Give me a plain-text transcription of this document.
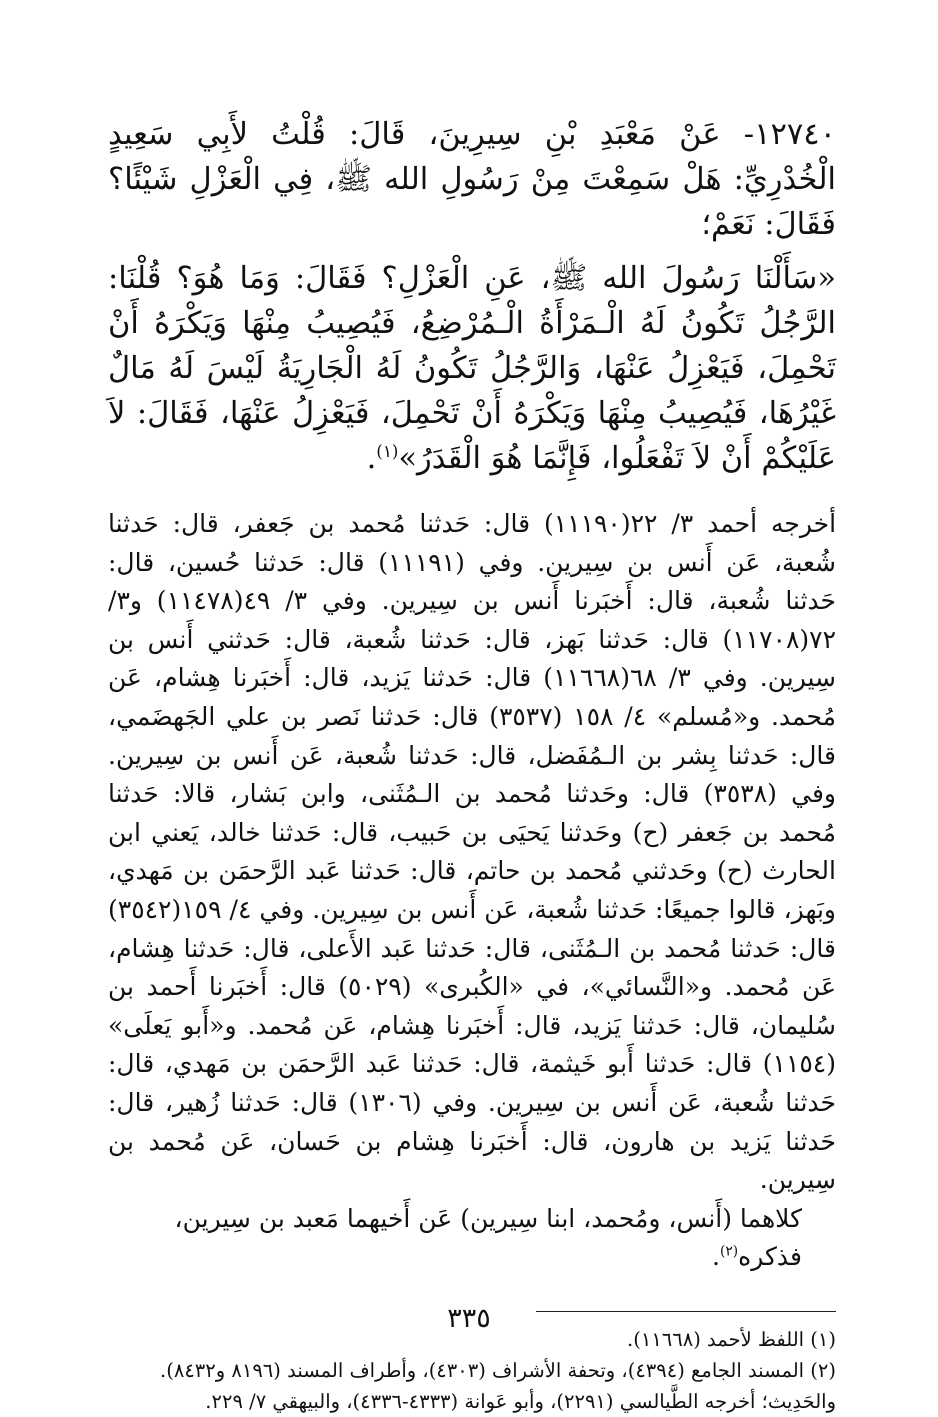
١٢٧٤٠- عَنْ مَعْبَدِ بْنِ سِيرِينَ، قَالَ: قُلْتُ لأَبِي سَعِيدٍ الْخُدْرِيِّ: هَلْ سَمِعْتَ مِنْ رَسُولِ الله ﷺ، فِي الْعَزْلِ شَيْئًا؟ فَقَالَ: نَعَمْ؛

«سَأَلْنَا رَسُولَ الله ﷺ، عَنِ الْعَزْلِ؟ فَقَالَ: وَمَا هُوَ؟ قُلْنَا: الرَّجُلُ تَكُونُ لَهُ الْـمَرْأَةُ الْـمُرْضِعُ، فَيُصِيبُ مِنْهَا وَيَكْرَهُ أَنْ تَحْمِلَ، فَيَعْزِلُ عَنْهَا، وَالرَّجُلُ تَكُونُ لَهُ الْجَارِيَةُ لَيْسَ لَهُ مَالٌ غَيْرُهَا، فَيُصِيبُ مِنْهَا وَيَكْرَهُ أَنْ تَحْمِلَ، فَيَعْزِلُ عَنْهَا، فَقَالَ: لاَ عَلَيْكُمْ أَنْ لاَ تَفْعَلُوا، فَإِنَّمَا هُوَ الْقَدَرُ»$^{(١)}$.

أخرجه أحمد ٣/ ٢٢(١١١٩٠) قال: حَدثنا مُحمد بن جَعفر، قال: حَدثنا شُعبة، عَن أَنس بن سِيرين. وفي (١١١٩١) قال: حَدثنا حُسين، قال: حَدثنا شُعبة، قال: أَخبَرنا أَنس بن سِيرين. وفي ٣/ ٤٩(١١٤٧٨) و٣/ ٧٢(١١٧٠٨) قال: حَدثنا بَهز، قال: حَدثنا شُعبة، قال: حَدثني أَنس بن سِيرين. وفي ٣/ ٦٨(١١٦٦٨) قال: حَدثنا يَزيد، قال: أَخبَرنا هِشام، عَن مُحمد. و«مُسلم» ٤/ ١٥٨ (٣٥٣٧) قال: حَدثنا نَصر بن علي الجَهضَمي، قال: حَدثنا بِشر بن الـمُفَضل، قال: حَدثنا شُعبة، عَن أَنس بن سِيرين. وفي (٣٥٣٨) قال: وحَدثنا مُحمد بن الـمُثَنى، وابن بَشار، قالا: حَدثنا مُحمد بن جَعفر (ح) وحَدثنا يَحيَى بن حَبيب، قال: حَدثنا خالد، يَعني ابن الحارث (ح) وحَدثني مُحمد بن حاتم، قال: حَدثنا عَبد الرَّحمَن بن مَهدي، وبَهز، قالوا جميعًا: حَدثنا شُعبة، عَن أَنس بن سِيرين. وفي ٤/ ١٥٩(٣٥٤٢) قال: حَدثنا مُحمد بن الـمُثَنى، قال: حَدثنا عَبد الأَعلى، قال: حَدثنا هِشام، عَن مُحمد. و«النَّسائي»، في «الكُبرى» (٥٠٢٩) قال: أَخبَرنا أَحمد بن سُليمان، قال: حَدثنا يَزيد، قال: أَخبَرنا هِشام، عَن مُحمد. و«أَبو يَعلَى» (١١٥٤) قال: حَدثنا أَبو خَيثمة، قال: حَدثنا عَبد الرَّحمَن بن مَهدي، قال: حَدثنا شُعبة، عَن أَنس بن سِيرين. وفي (١٣٠٦) قال: حَدثنا زُهير، قال: حَدثنا يَزيد بن هارون، قال: أَخبَرنا هِشام بن حَسان، عَن مُحمد بن سِيرين.

كلاهما (أَنس، ومُحمد، ابنا سِيرين) عَن أَخيهما مَعبد بن سِيرين، فذكره$^{(٢)}$.

(١) اللفظ لأحمد (١١٦٦٨).

(٢) المسند الجامع (٤٣٩٤)، وتحفة الأشراف (٤٣٠٣)، وأطراف المسند (٨١٩٦ و٨٤٣٢).

والحَدِيث؛ أخرجه الطَّيالسي (٢٢٩١)، وأبو عَوانة (٤٣٣٣-٤٣٣٦)، والبيهقي ٧/ ٢٢٩.

٣٣٥
